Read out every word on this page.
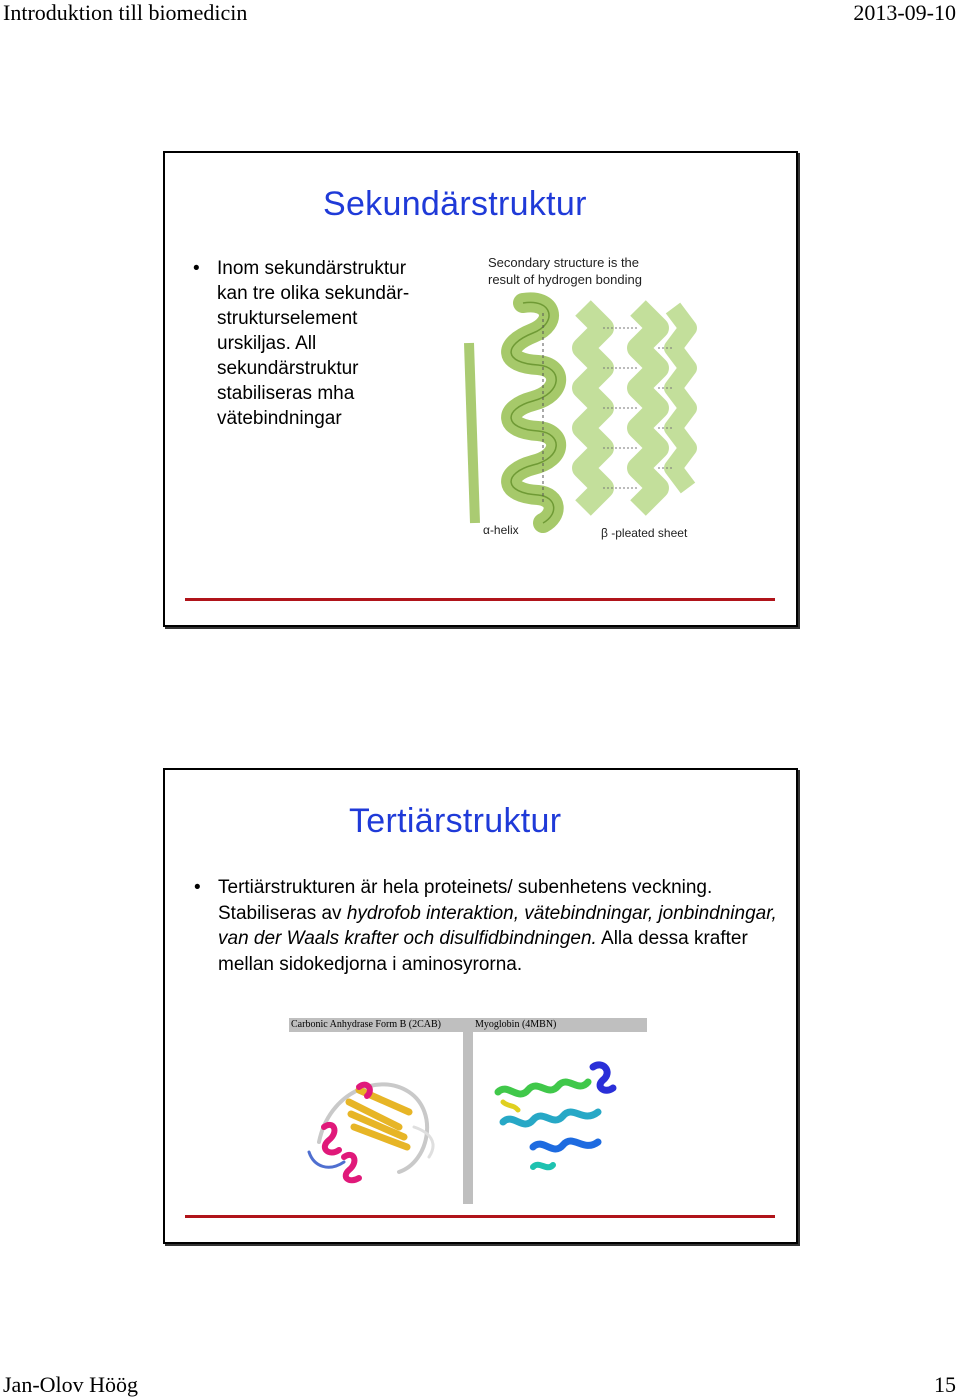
Introduktion till biomedicin	2013-09-10
Sekundärstruktur
• Inom sekundärstruktur
kan tre olika sekundär-
strukturselement
urskiljas. All
sekundärstruktur
stabiliseras mha
vätebindningar
Secondary structure is the
result of hydrogen bonding
α-helix	β -pleated sheet
Tertiärstruktur
• Tertiärstrukturen är hela proteinets/ subenhetens veckning. Stabiliseras av hydrofob interaktion, vätebindningar, jonbindningar, van der Waals krafter och disulfidbindningen. Alla dessa krafter mellan sidokedjorna i aminosyrorna.
Carbonic Anhydrase Form B (2CAB)	Myoglobin (4MBN)
Jan-Olov Höög	15
